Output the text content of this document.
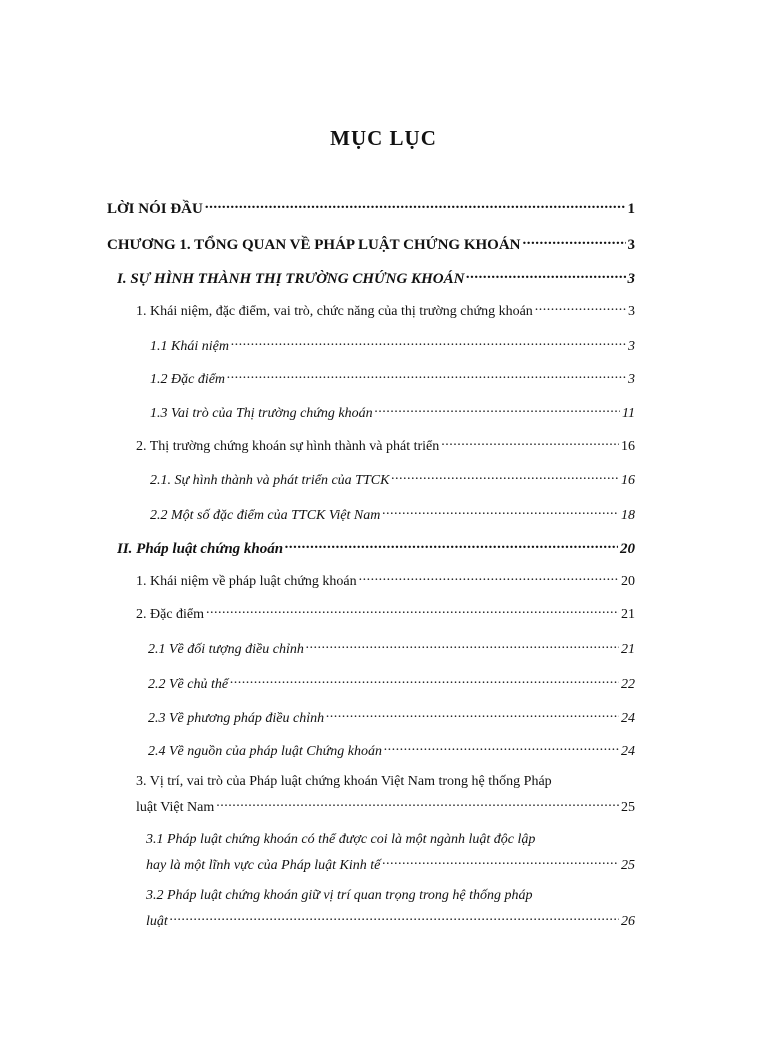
MỤC LỤC
LỜI NÓI ĐẦU .....	1
CHƯƠNG 1. TỔNG QUAN VỀ PHÁP LUẬT CHỨNG KHOÁN .....	3
I. SỰ HÌNH THÀNH THỊ TRƯỜNG CHỨNG KHOÁN .....	3
1. Khái niệm, đặc điểm, vai trò, chức năng của thị trường chứng khoán .....	3
1.1 Khái niệm .....	3
1.2 Đặc điểm .....	3
1.3 Vai trò của Thị trường chứng khoán .....	11
2. Thị trường chứng khoán sự hình thành và phát triển .....	16
2.1. Sự hình thành và phát triển của TTCK .....	16
2.2 Một số đặc điểm của TTCK Việt Nam .....	18
II. Pháp luật chứng khoán .....	20
1. Khái niệm về pháp luật chứng khoán .....	20
2. Đặc điểm .....	21
2.1 Về đối tượng điều chỉnh .....	21
2.2 Về chủ thể .....	22
2.3 Về phương pháp điều chỉnh .....	24
2.4 Về nguồn của pháp luật Chứng khoán .....	24
3. Vị trí, vai trò của Pháp luật chứng khoán Việt Nam trong hệ thống Pháp
luật Việt Nam .....	25
3.1 Pháp luật chứng khoán có thể được coi là một ngành luật độc lập
hay là một lĩnh vực của Pháp luật Kinh tế .....	25
3.2 Pháp luật chứng khoán giữ vị trí quan trọng trong hệ thống pháp
luật .....	26
